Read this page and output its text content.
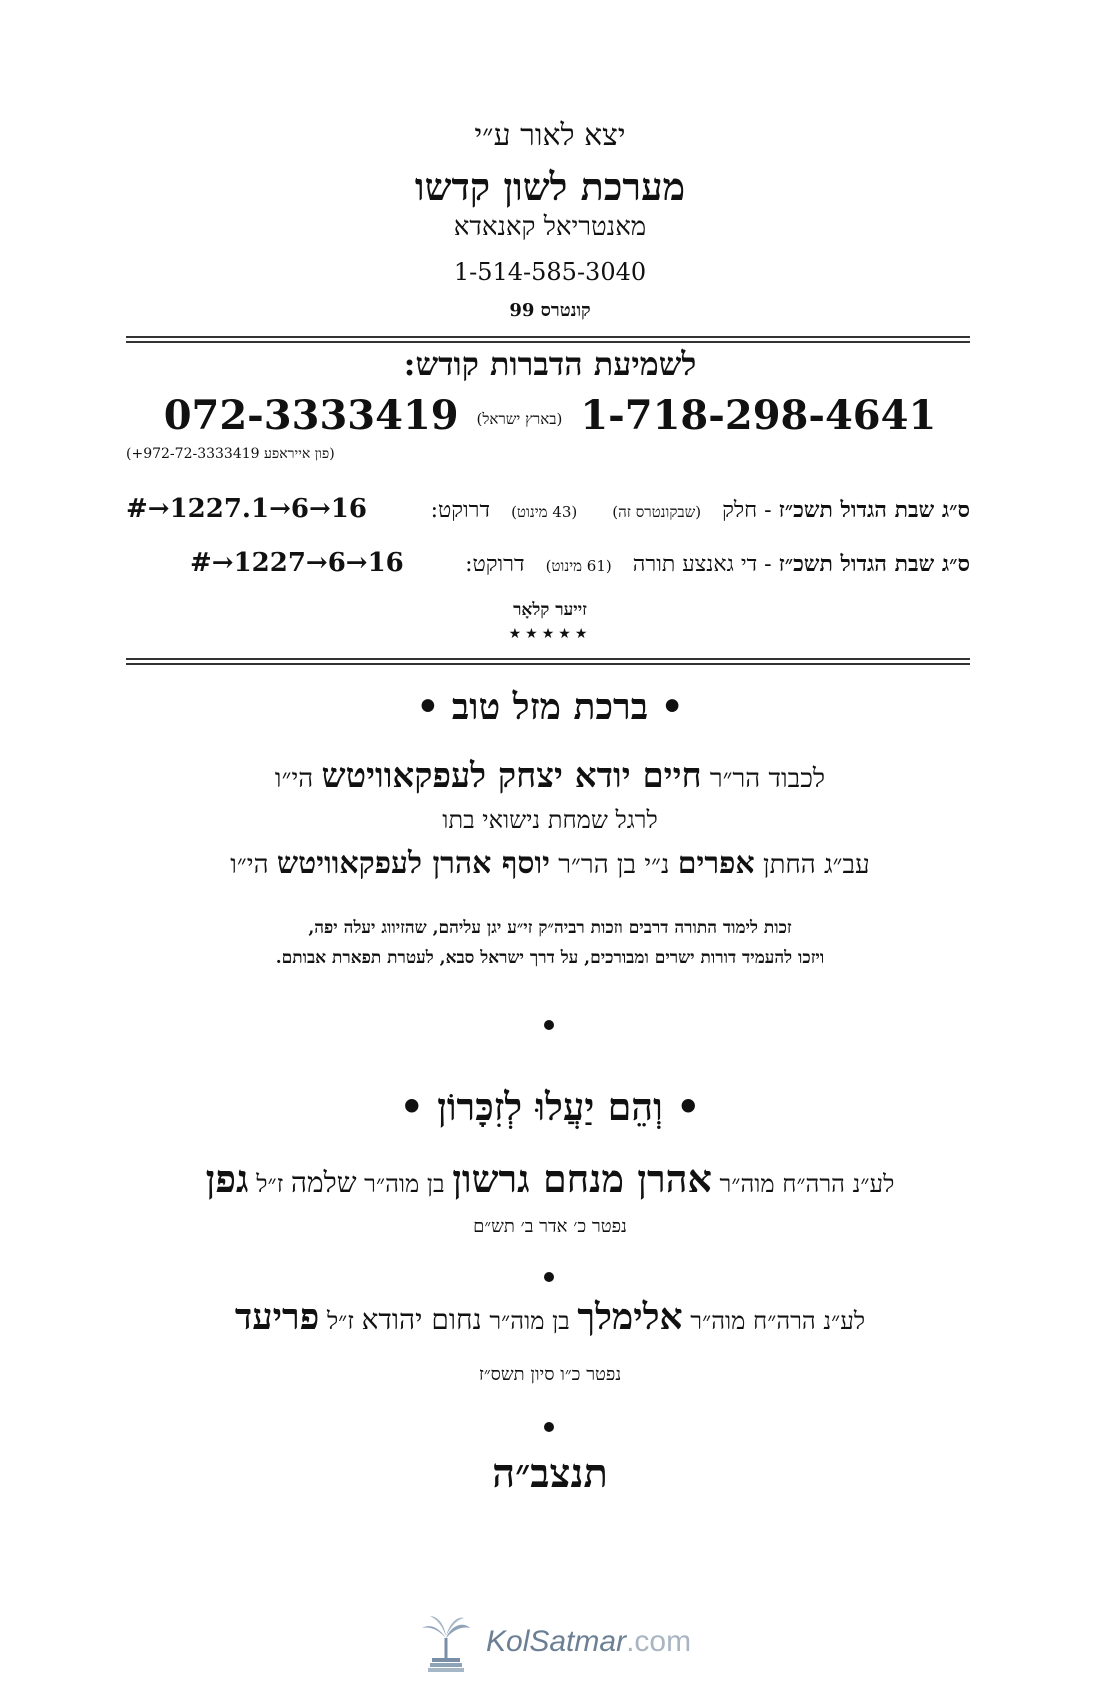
יצא לאור ע״י
מערכת לשון קדשו
מאנטריאל קאנאדא
1-514-585-3040
קונטרס 99
לשמיעת הדברות קודש:
072-3333419 (בארץ ישראל) 1-718-298-4641
(פון אייראפע 972-72-3333419+)
ס״ג שבת הגדול תשכ״ז - חלק (שבקונטרס זה) (43 מינוט) דרוקט:
#→1227.1→6→16
ס״ג שבת הגדול תשכ״ז - די גאנצע תורה (61 מינוט) דרוקט:
#→1227→6→16
זייער קלאָר
★★★★★
• ברכת מזל טוב •
לכבוד הר״ר חיים יודא יצחק לעפקאוויטש הי״ו
לרגל שמחת נישואי בתו
עב״ג החתן אפרים נ״י בן הר״ר יוסף אהרן לעפקאוויטש הי״ו
זכות לימוד התורה דרבים וזכות רביה״ק זי״ע יגן עליהם, שהזיווג יעלה יפה,
ויזכו להעמיד דורות ישרים ומבורכים, על דרך ישראל סבא, לעטרת תפארת אבותם.
• וְהֵם יַעֲלוּ לְזִכָּרוֹן •
לע״נ הרה״ח מוה״ר אהרן מנחם גרשון בן מוה״ר שלמה ז״ל גפן
נפטר כ׳ אדר ב׳ תש״ם
לע״נ הרה״ח מוה״ר אלימלך בן מוה״ר נחום יהודא ז״ל פריעד
נפטר כ״ו סיון תשס״ז
תנצב״ה
KolSatmar .com
